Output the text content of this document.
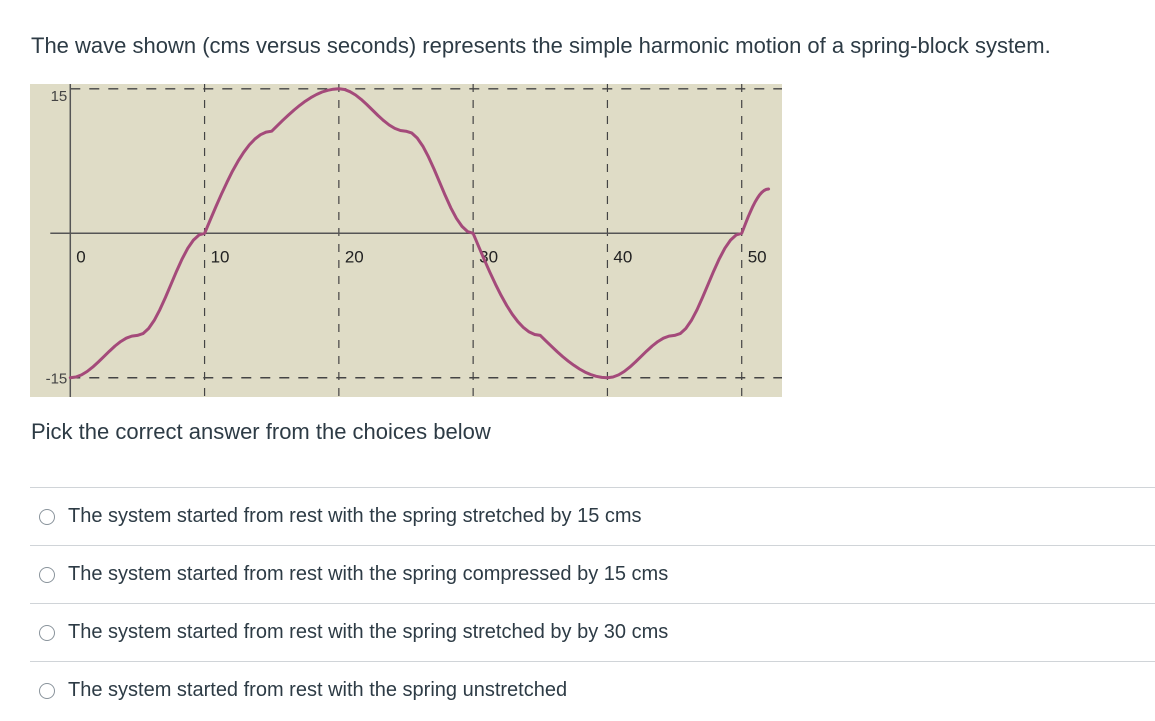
The wave shown (cms versus seconds) represents the simple harmonic motion of a spring-block system.
0	10	20	30	40	50
15
-15
Pick the correct answer from the choices below
The system started from rest with the spring stretched by 15 cms
The system started from rest with the spring compressed by 15 cms
The system started from rest with the spring stretched by by 30 cms
The system started from rest with the spring unstretched
